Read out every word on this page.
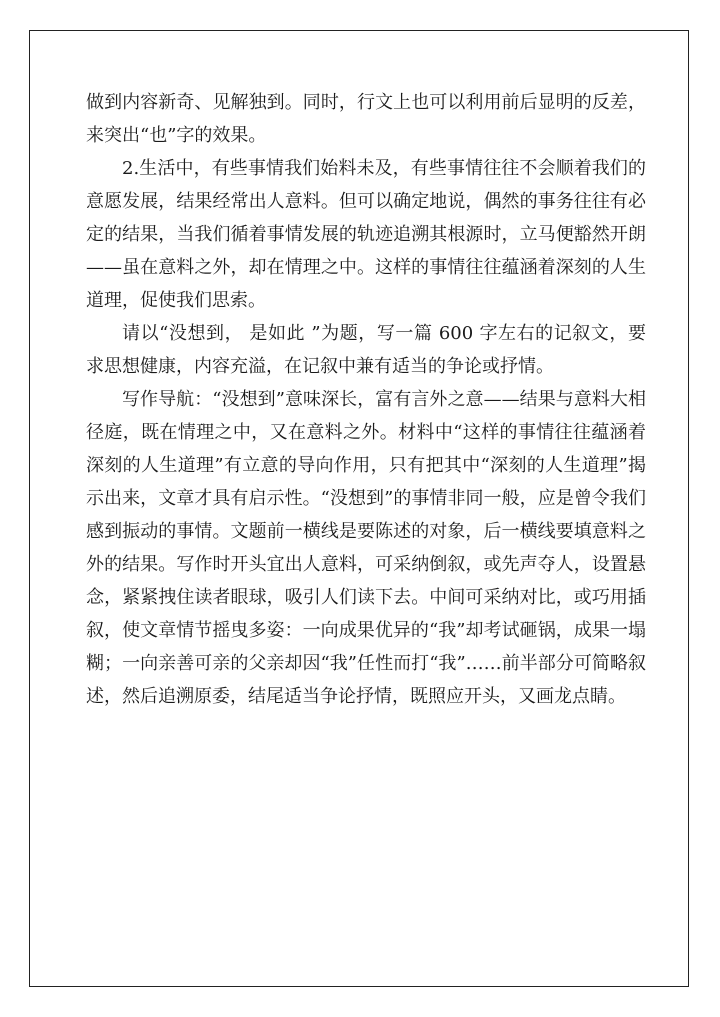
做到内容新奇、见解独到。同时，行文上也可以利用前后显明的反差，来突出“也”字的效果。

2.生活中，有些事情我们始料未及，有些事情往往不会顺着我们的意愿发展，结果经常出人意料。但可以确定地说，偶然的事务往往有必定的结果，当我们循着事情发展的轨迹追溯其根源时，立马便豁然开朗——虽在意料之外，却在情理之中。这样的事情往往蕴涵着深刻的人生道理，促使我们思索。

请以“没想到， 是如此 ”为题，写一篇 600 字左右的记叙文，要求思想健康，内容充溢，在记叙中兼有适当的争论或抒情。

写作导航：“没想到”意味深长，富有言外之意——结果与意料大相径庭，既在情理之中，又在意料之外。材料中“这样的事情往往蕴涵着深刻的人生道理”有立意的导向作用，只有把其中“深刻的人生道理”揭示出来，文章才具有启示性。“没想到”的事情非同一般，应是曾令我们感到振动的事情。文题前一横线是要陈述的对象，后一横线要填意料之外的结果。写作时开头宜出人意料，可采纳倒叙，或先声夺人，设置悬念，紧紧拽住读者眼球，吸引人们读下去。中间可采纳对比，或巧用插叙，使文章情节摇曳多姿：一向成果优异的“我”却考试砸锅，成果一塌糊；一向亲善可亲的父亲却因“我”任性而打“我”……前半部分可简略叙述，然后追溯原委，结尾适当争论抒情，既照应开头，又画龙点睛。
